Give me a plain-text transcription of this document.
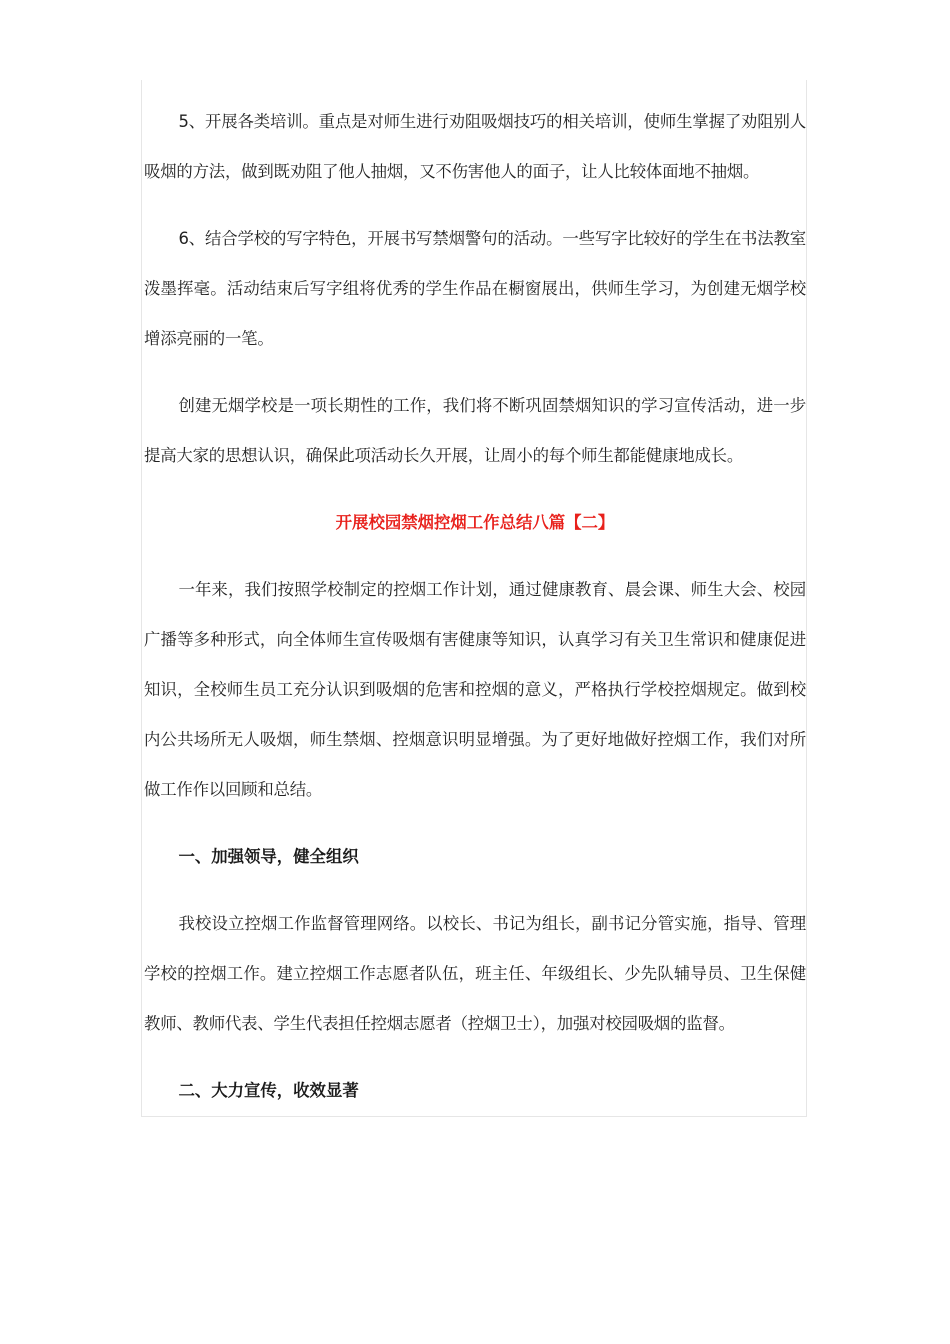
5、开展各类培训。重点是对师生进行劝阻吸烟技巧的相关培训，使师生掌握了劝阻别人吸烟的方法，做到既劝阻了他人抽烟，又不伤害他人的面子，让人比较体面地不抽烟。

6、结合学校的写字特色，开展书写禁烟警句的活动。一些写字比较好的学生在书法教室泼墨挥毫。活动结束后写字组将优秀的学生作品在橱窗展出，供师生学习，为创建无烟学校增添亮丽的一笔。

创建无烟学校是一项长期性的工作，我们将不断巩固禁烟知识的学习宣传活动，进一步提高大家的思想认识，确保此项活动长久开展，让周小的每个师生都能健康地成长。

开展校园禁烟控烟工作总结八篇【二】

一年来，我们按照学校制定的控烟工作计划，通过健康教育、晨会课、师生大会、校园广播等多种形式，向全体师生宣传吸烟有害健康等知识，认真学习有关卫生常识和健康促进知识，全校师生员工充分认识到吸烟的危害和控烟的意义，严格执行学校控烟规定。做到校内公共场所无人吸烟，师生禁烟、控烟意识明显增强。为了更好地做好控烟工作，我们对所做工作作以回顾和总结。

一、加强领导，健全组织

我校设立控烟工作监督管理网络。以校长、书记为组长，副书记分管实施，指导、管理学校的控烟工作。建立控烟工作志愿者队伍，班主任、年级组长、少先队辅导员、卫生保健教师、教师代表、学生代表担任控烟志愿者（控烟卫士），加强对校园吸烟的监督。

二、大力宣传，收效显著
